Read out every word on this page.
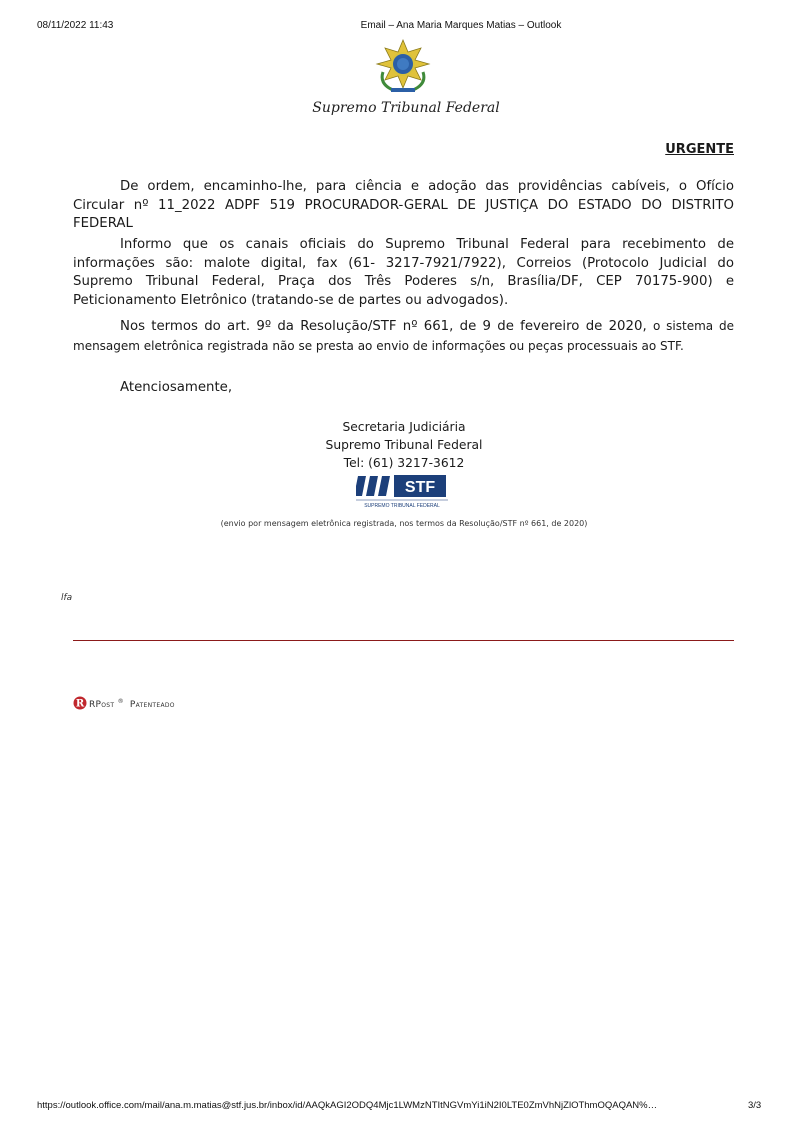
08/11/2022 11:43	Email – Ana Maria Marques Matias – Outlook
Supremo Tribunal Federal
URGENTE

De ordem, encaminho-lhe, para ciência e adoção das providências cabíveis, o Ofício Circular nº 11_2022 ADPF 519 PROCURADOR-GERAL DE JUSTIÇA DO ESTADO DO DISTRITO FEDERAL

Informo que os canais oficiais do Supremo Tribunal Federal para recebimento de informações são: malote digital, fax (61- 3217-7921/7922), Correios (Protocolo Judicial do Supremo Tribunal Federal, Praça dos Três Poderes s/n, Brasília/DF, CEP 70175-900) e Peticionamento Eletrônico (tratando-se de partes ou advogados).

Nos termos do art. 9º da Resolução/STF nº 661, de 9 de fevereiro de 2020, o sistema de mensagem eletrônica registrada não se presta ao envio de informações ou peças processuais ao STF.

Atenciosamente,
Secretaria Judiciária
Supremo Tribunal Federal
Tel: (61) 3217-3612
STF
SUPREMO TRIBUNAL FEDERAL
(envio por mensagem eletrônica registrada, nos termos da Resolução/STF nº 661, de 2020)
lfa
R RPost ® Patenteado
https://outlook.office.com/mail/ana.m.matias@stf.jus.br/inbox/id/AAQkAGI2ODQ4Mjc1LWMzNTItNGVmYi1iN2I0LTE0ZmVhNjZlOThmOQAQAN%…	3/3
